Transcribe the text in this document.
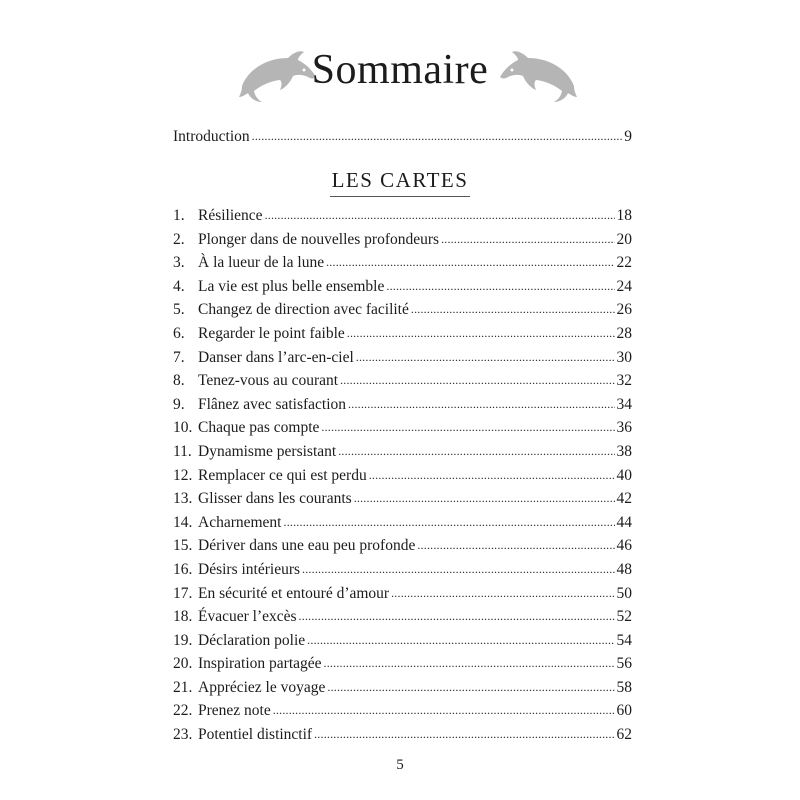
Sommaire
Introduction . . .	9
LES CARTES
1. Résilience . . .	18
2. Plonger dans de nouvelles profondeurs . . .	20
3. À la lueur de la lune . . .	22
4. La vie est plus belle ensemble . . .	24
5. Changez de direction avec facilité . . .	26
6. Regarder le point faible . . .	28
7. Danser dans l’arc-en-ciel . . .	30
8. Tenez-vous au courant . . .	32
9. Flânez avec satisfaction . . .	34
10. Chaque pas compte . . .	36
11. Dynamisme persistant . . .	38
12. Remplacer ce qui est perdu . . .	40
13. Glisser dans les courants . . .	42
14. Acharnement . . .	44
15. Dériver dans une eau peu profonde . . .	46
16. Désirs intérieurs . . .	48
17. En sécurité et entouré d’amour . . .	50
18. Évacuer l’excès . . .	52
19. Déclaration polie . . .	54
20. Inspiration partagée . . .	56
21. Appréciez le voyage . . .	58
22. Prenez note . . .	60
23. Potentiel distinctif . . .	62
5
